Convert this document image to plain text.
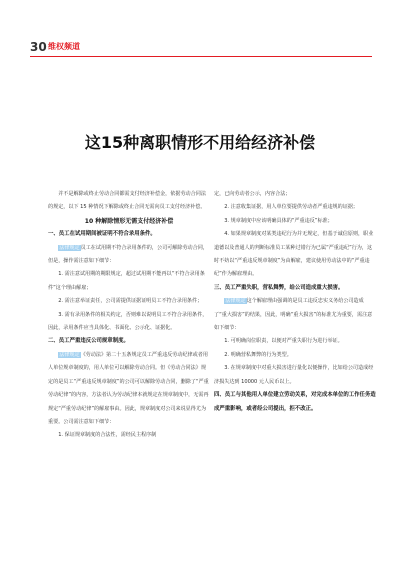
30 维权频道
这15种离职情形不用给经济补偿

并不是解除或终止劳动合同都需支付经济补偿金，依据劳动合同法的规定，以下 15 种情况下解除或终止合同无需向员工支付经济补偿。

10 种解除情形无需支付经济补偿

一、员工在试用期间被证明不符合录用条件。

法律规定员工在试用期不符合录用条件的，公司可解除劳动合同，但是，操作需注意如下细节：

1. 需注意试用期的期限规定，超过试用期不能再以“不符合录用条件”这个理由解雇；

2. 需注意举证责任，公司需提供证据证明员工不符合录用条件；

3. 需有录用条件的相关约定，否则难以说明员工不符合录用条件，因此，录用条件应当具体化、书面化、公示化、证据化。

二、员工严重违反公司规章制度。

法律规定《劳动法》第二十五条规定员工严重违反劳动纪律或者用人单位规章制度的，用人单位可以解除劳动合同。但《劳动合同法》规定的是员工“严重违反规章制度”的公司可以解除劳动合同，删除了“严重劳动纪律”的内容，方法者认为劳动纪律本就规定在规章制度中，无需再规定“严重劳动纪律”的解雇事由。因此，规章制度对公司来说显得尤为重要。公司需注意如下细节：

1. 保证规章制度的合法性，需经民主程序制

定，已向劳动者公示，内容合法；

2. 注意收集证据，用人单位要提供劳动者严重违规的证据；

3. 规章制度中应该明确具体的“严重违反”标准；

4. 如果规章制度对某类违纪行为并无规定，但基于诚信原则，职业道德以及普通人的判断标准员工某种过错行为已属“严重违纪”行为，这时不妨以“严重违反规章制度”为由解雇，建议使用劳动法中的“严重违纪”作为解雇理由。

三、员工严重失职，营私舞弊，给公司造成重大损害。

法律规定这个解雇理由强调的是员工违反忠实义务给公司造成了“重大损害”的结果，因此，明确“重大损害”的标准尤为重要，需注意如下细节：

1. 可明确岗位职责，以便对严重失职行为进行举证。

2. 明确营私舞弊的行为类型。

3. 在规章制度中对重大损害进行量化以便操作，比如给公司造成经济损失达到 10000 元人民币以上。

四、员工与其他用人单位建立劳动关系，对完成本单位的工作任务造成严重影响，或者经公司提出，拒不改正。
